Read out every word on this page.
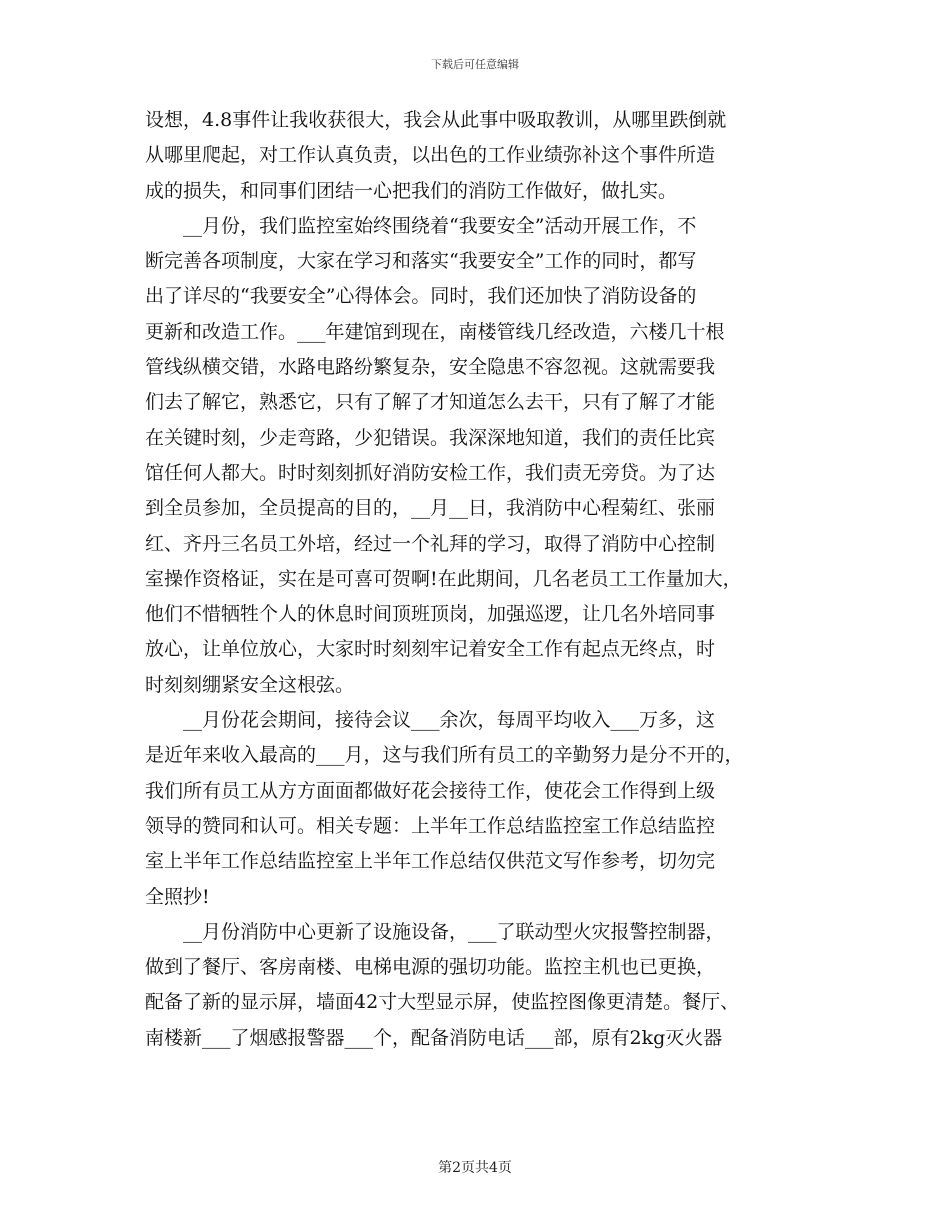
下载后可任意编辑
设想，4.8事件让我收获很大，我会从此事中吸取教训，从哪里跌倒就
从哪里爬起，对工作认真负责，以出色的工作业绩弥补这个事件所造
成的损失，和同事们团结一心把我们的消防工作做好，做扎实。
__月份，我们监控室始终围绕着“我要安全”活动开展工作，不
断完善各项制度，大家在学习和落实“我要安全”工作的同时，都写
出了详尽的“我要安全”心得体会。同时，我们还加快了消防设备的
更新和改造工作。___年建馆到现在，南楼管线几经改造，六楼几十根
管线纵横交错，水路电路纷繁复杂，安全隐患不容忽视。这就需要我
们去了解它，熟悉它，只有了解了才知道怎么去干，只有了解了才能
在关键时刻，少走弯路，少犯错误。我深深地知道，我们的责任比宾
馆任何人都大。时时刻刻抓好消防安检工作，我们责无旁贷。为了达
到全员参加，全员提高的目的，__月__日，我消防中心程菊红、张丽
红、齐丹三名员工外培，经过一个礼拜的学习，取得了消防中心控制
室操作资格证，实在是可喜可贺啊!在此期间，几名老员工工作量加大，
他们不惜牺牲个人的休息时间顶班顶岗，加强巡逻，让几名外培同事
放心，让单位放心，大家时时刻刻牢记着安全工作有起点无终点，时
时刻刻绷紧安全这根弦。
__月份花会期间，接待会议___余次，每周平均收入___万多，这
是近年来收入最高的___月，这与我们所有员工的辛勤努力是分不开的，
我们所有员工从方方面面都做好花会接待工作，使花会工作得到上级
领导的赞同和认可。相关专题：上半年工作总结监控室工作总结监控
室上半年工作总结监控室上半年工作总结仅供范文写作参考，切勿完
全照抄!
__月份消防中心更新了设施设备，___了联动型火灾报警控制器，
做到了餐厅、客房南楼、电梯电源的强切功能。监控主机也已更换，
配备了新的显示屏，墙面42寸大型显示屏，使监控图像更清楚。餐厅、
南楼新___了烟感报警器___个，配备消防电话___部，原有2kg灭火器
第2页共4页
